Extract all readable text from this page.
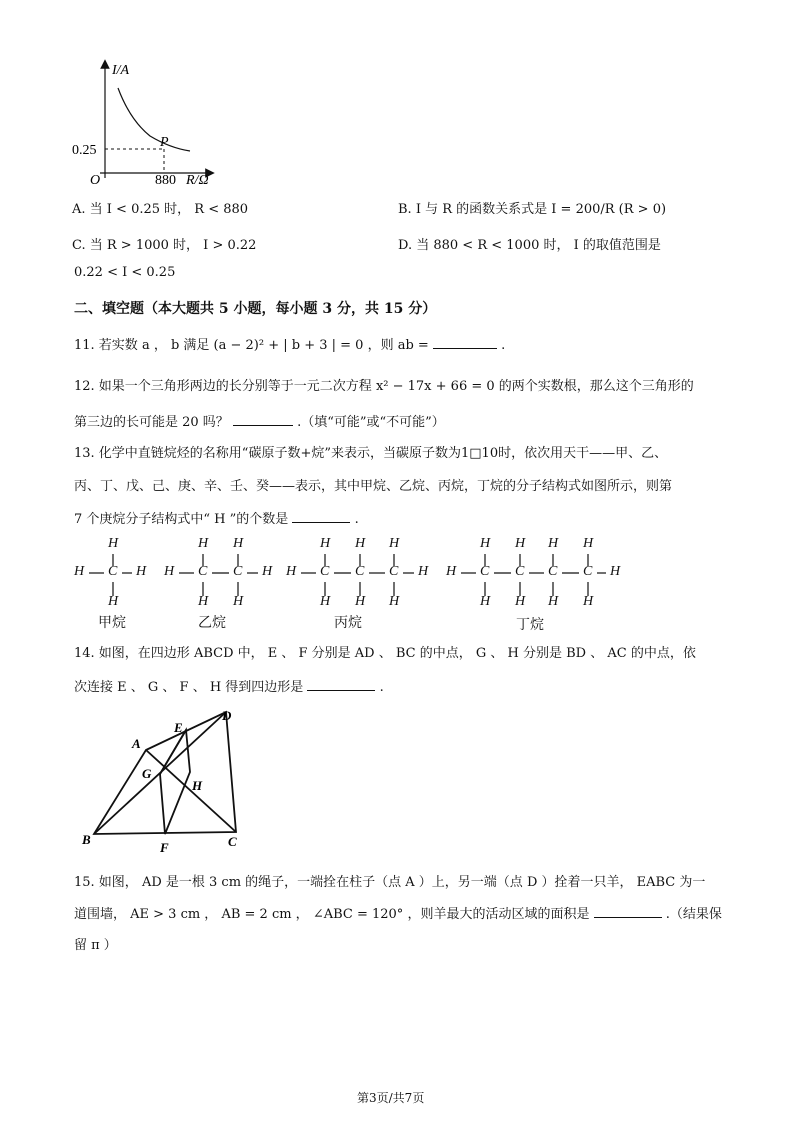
I/A
R/Ω
O
0.25
880
P
A. 当 I < 0.25 时， R < 880	B. I 与 R 的函数关系式是 I = 200/R (R > 0)
C. 当 R > 1000 时， I > 0.22	D. 当 880 < R < 1000 时， I 的取值范围是
0.22 < I < 0.25
二、填空题（本大题共 5 小题，每小题 3 分，共 15 分）
11. 若实数 a ， b 满足 (a − 2)² + | b + 3 | = 0 ，则 ab =	.
12. 如果一个三角形两边的长分别等于一元二次方程 x² − 17x + 66 = 0 的两个实数根，那么这个三角形的
第三边的长可能是 20 吗？	.（填“可能”或“不可能”）
13. 化学中直链烷烃的名称用“碳原子数+烷”来表示，当碳原子数为1□10时，依次用天干——甲、乙、
丙、丁、戊、己、庚、辛、壬、癸——表示，其中甲烷、乙烷、丙烷，丁烷的分子结构式如图所示，则第
7 个庚烷分子结构式中“ H ”的个数是	.
H C
H
H
H H C
H
H
C
H
H
H H C
H
H
C
H
H
C
H
H
H H C
H
H
C
H
H
C
H
H
C
H
H
H
甲烷	乙烷	丙烷	丁烷
14. 如图，在四边形 ABCD 中， E 、 F 分别是 AD 、 BC 的中点， G 、 H 分别是 BD 、 AC 的中点，依
次连接 E 、 G 、 F 、 H 得到四边形是	.
A
B	C
D
E
F
G
H
15. 如图， AD 是一根 3 cm 的绳子，一端拴在柱子（点 A ）上，另一端（点 D ）拴着一只羊， EABC 为一
道围墙， AE > 3 cm ， AB = 2 cm ， ∠ABC = 120° ，则羊最大的活动区域的面积是	.（结果保
留 π ）
第3页/共7页
